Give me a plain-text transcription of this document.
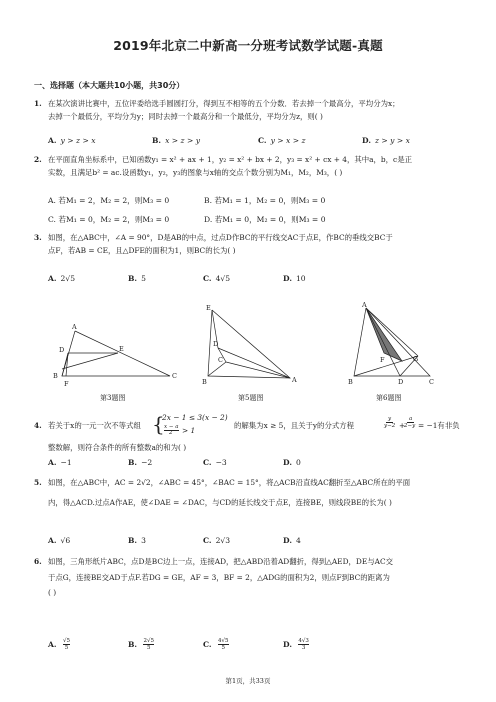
2019年北京二中新高一分班考试数学试题-真题
一、选择题（本大题共10小题，共30分）
1. 在某次演讲比赛中，五位评委给选手圆圆打分，得到互不相等的五个分数．若去掉一个最高分，平均分为x；
去掉一个最低分，平均分为y；同时去掉一个最高分和一个最低分，平均分为z，则( )
A. y > z > x	B. x > z > y	C. y > x > z	D. z > y > x
2. 在平面直角坐标系中，已知函数y₁ = x² + ax + 1，y₂ = x² + bx + 2，y₃ = x² + cx + 4，其中a，b，c是正
实数，且满足b² = ac.设函数y₁，y₂，y₃的图象与x轴的交点个数分别为M₁，M₂，M₃，( )
A. 若M₁ = 2，M₂ = 2，则M₃ = 0	B. 若M₁ = 1，M₂ = 0，则M₃ = 0
C. 若M₁ = 0，M₂ = 2，则M₃ = 0	D. 若M₁ = 0，M₂ = 0，则M₃ = 0
3. 如图，在△ABC中，∠A = 90°，D是AB的中点，过点D作BC的平行线交AC于点E，作BC的垂线交BC于
点F，若AB = CE，且△DFE的面积为1，则BC的长为( )
A. 2√5	B. 5	C. 4√5	D. 10
A
D	E
B
F
C
E
D
C
B	A
A
F	G
B	D	C
第3题图	第5题图	第6题图
4. 若关于x的一元一次不等式组 {
2x − 1 ≤ 3(x − 2)
x − a
2 > 1
的解集为x ≥ 5，且关于y的分式方程
y
y−2 +
a
2−y = −1有非负
整数解，则符合条件的所有整数a的和为( )
A. −1	B. −2	C. −3	D. 0
5. 如图，在△ABC中，AC = 2√2，∠ABC = 45°，∠BAC = 15°，将△ACB沿直线AC翻折至△ABC所在的平面
内，得△ACD.过点A作AE，使∠DAE = ∠DAC，与CD的延长线交于点E，连接BE，则线段BE的长为( )
A. √6	B. 3	C. 2√3	D. 4
6. 如图，三角形纸片ABC，点D是BC边上一点，连接AD，把△ABD沿着AD翻折，得到△AED，DE与AC交
于点G，连接BE交AD于点F.若DG = GE，AF = 3，BF = 2，△ADG的面积为2，则点F到BC的距离为
( )
A. $\frac{√5}{5}$	B. $\frac{2√5}{5}$	C. $\frac{4√5}{5}$	D. $\frac{4√3}{3}$
第1页，共33页
